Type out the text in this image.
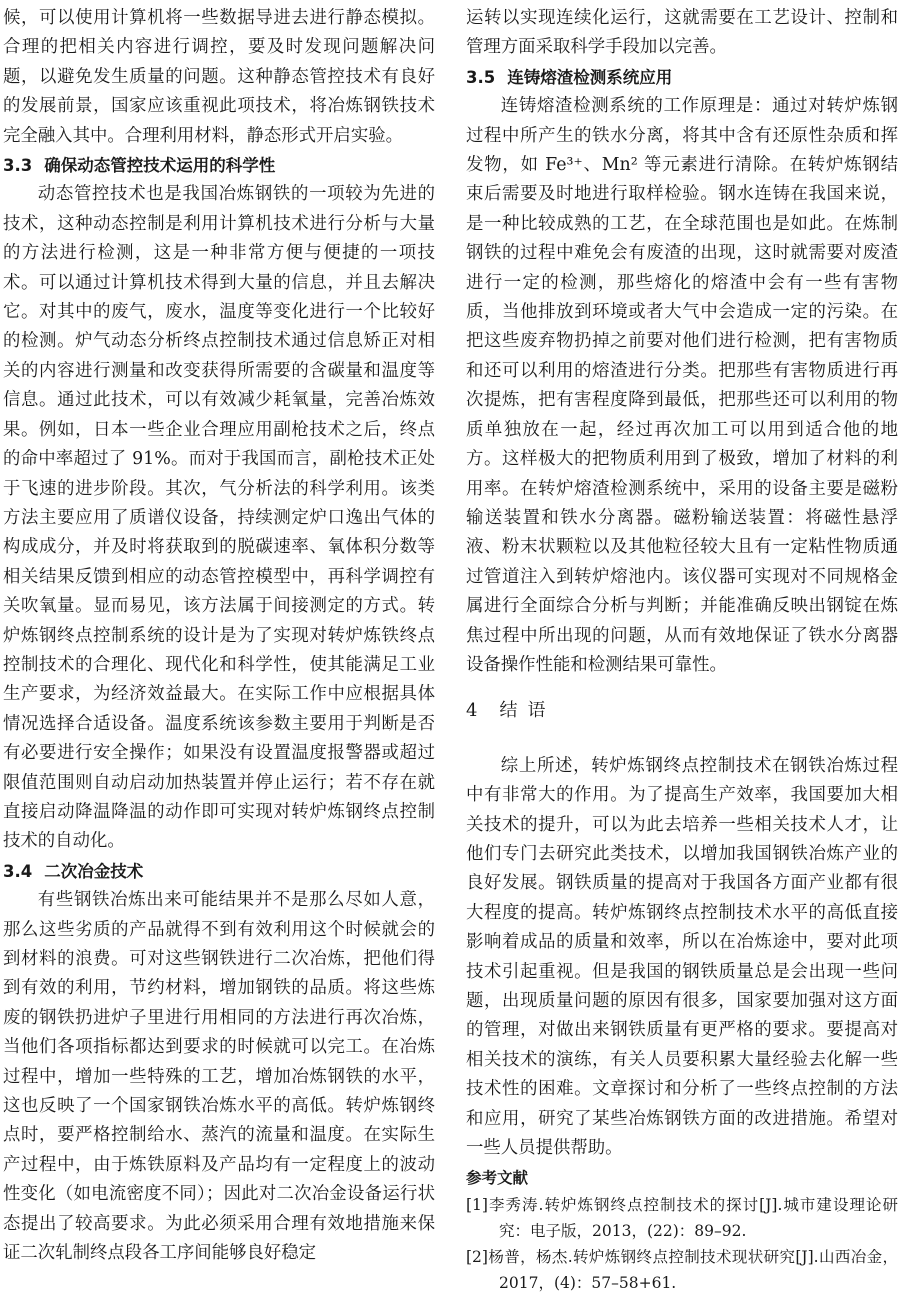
候，可以使用计算机将一些数据导进去进行静态模拟。合理的把相关内容进行调控，要及时发现问题解决问题，以避免发生质量的问题。这种静态管控技术有良好的发展前景，国家应该重视此项技术，将冶炼钢铁技术完全融入其中。合理利用材料，静态形式开启实验。

3.3 确保动态管控技术运用的科学性

动态管控技术也是我国冶炼钢铁的一项较为先进的技术，这种动态控制是利用计算机技术进行分析与大量的方法进行检测，这是一种非常方便与便捷的一项技术。可以通过计算机技术得到大量的信息，并且去解决它。对其中的废气，废水，温度等变化进行一个比较好的检测。炉气动态分析终点控制技术通过信息矫正对相关的内容进行测量和改变获得所需要的含碳量和温度等信息。通过此技术，可以有效减少耗氧量，完善冶炼效果。例如，日本一些企业合理应用副枪技术之后，终点的命中率超过了 91%。而对于我国而言，副枪技术正处于飞速的进步阶段。其次，气分析法的科学利用。该类方法主要应用了质谱仪设备，持续测定炉口逸出气体的构成成分，并及时将获取到的脱碳速率、氧体积分数等相关结果反馈到相应的动态管控模型中，再科学调控有关吹氧量。显而易见，该方法属于间接测定的方式。转炉炼钢终点控制系统的设计是为了实现对转炉炼铁终点控制技术的合理化、现代化和科学性，使其能满足工业生产要求，为经济效益最大。在实际工作中应根据具体情况选择合适设备。温度系统该参数主要用于判断是否有必要进行安全操作；如果没有设置温度报警器或超过限值范围则自动启动加热装置并停止运行；若不存在就直接启动降温降温的动作即可实现对转炉炼钢终点控制技术的自动化。

3.4 二次冶金技术

有些钢铁冶炼出来可能结果并不是那么尽如人意，那么这些劣质的产品就得不到有效利用这个时候就会的到材料的浪费。可对这些钢铁进行二次冶炼，把他们得到有效的利用，节约材料，增加钢铁的品质。将这些炼废的钢铁扔进炉子里进行用相同的方法进行再次冶炼，当他们各项指标都达到要求的时候就可以完工。在冶炼过程中，增加一些特殊的工艺，增加冶炼钢铁的水平，这也反映了一个国家钢铁冶炼水平的高低。转炉炼钢终点时，要严格控制给水、蒸汽的流量和温度。在实际生产过程中，由于炼铁原料及产品均有一定程度上的波动性变化（如电流密度不同）；因此对二次冶金设备运行状态提出了较高要求。为此必须采用合理有效地措施来保证二次轧制终点段各工序间能够良好稳定

运转以实现连续化运行，这就需要在工艺设计、控制和管理方面采取科学手段加以完善。

3.5 连铸熔渣检测系统应用

连铸熔渣检测系统的工作原理是：通过对转炉炼钢过程中所产生的铁水分离，将其中含有还原性杂质和挥发物，如 Fe³⁺、Mn² 等元素进行清除。在转炉炼钢结束后需要及时地进行取样检验。钢水连铸在我国来说，是一种比较成熟的工艺，在全球范围也是如此。在炼制钢铁的过程中难免会有废渣的出现，这时就需要对废渣进行一定的检测，那些熔化的熔渣中会有一些有害物质，当他排放到环境或者大气中会造成一定的污染。在把这些废弃物扔掉之前要对他们进行检测，把有害物质和还可以利用的熔渣进行分类。把那些有害物质进行再次提炼，把有害程度降到最低，把那些还可以利用的物质单独放在一起，经过再次加工可以用到适合他的地方。这样极大的把物质利用到了极致，增加了材料的利用率。在转炉熔渣检测系统中，采用的设备主要是磁粉输送装置和铁水分离器。磁粉输送装置：将磁性悬浮液、粉末状颗粒以及其他粒径较大且有一定粘性物质通过管道注入到转炉熔池内。该仪器可实现对不同规格金属进行全面综合分析与判断；并能准确反映出钢锭在炼焦过程中所出现的问题，从而有效地保证了铁水分离器设备操作性能和检测结果可靠性。

4 结语

综上所述，转炉炼钢终点控制技术在钢铁冶炼过程中有非常大的作用。为了提高生产效率，我国要加大相关技术的提升，可以为此去培养一些相关技术人才，让他们专门去研究此类技术，以增加我国钢铁冶炼产业的良好发展。钢铁质量的提高对于我国各方面产业都有很大程度的提高。转炉炼钢终点控制技术水平的高低直接影响着成品的质量和效率，所以在冶炼途中，要对此项技术引起重视。但是我国的钢铁质量总是会出现一些问题，出现质量问题的原因有很多，国家要加强对这方面的管理，对做出来钢铁质量有更严格的要求。要提高对相关技术的演练，有关人员要积累大量经验去化解一些技术性的困难。文章探讨和分析了一些终点控制的方法和应用，研究了某些冶炼钢铁方面的改进措施。希望对一些人员提供帮助。

参考文献

[1]李秀涛.转炉炼钢终点控制技术的探讨[J].城市建设理论研究：电子版，2013，(22)：89–92.

[2]杨普，杨杰.转炉炼钢终点控制技术现状研究[J].山西冶金，2017，(4)：57–58+61.
